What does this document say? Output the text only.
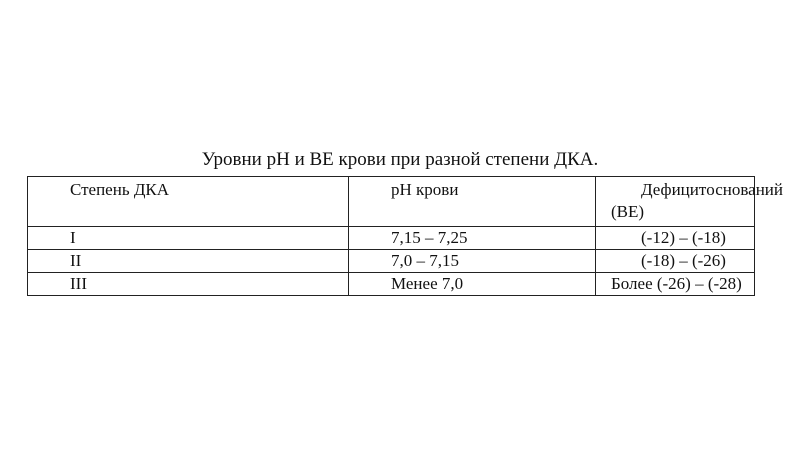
Уровни pH и BE крови при разной степени ДКА.
Степень ДКА	pH крови	Дефицит оснований
(BE)

I	7,15 – 7,25	(-12) – (-18)
II	7,0 – 7,15	(-18) – (-26)
III	Менее 7,0	Более (-26) – (-28)
